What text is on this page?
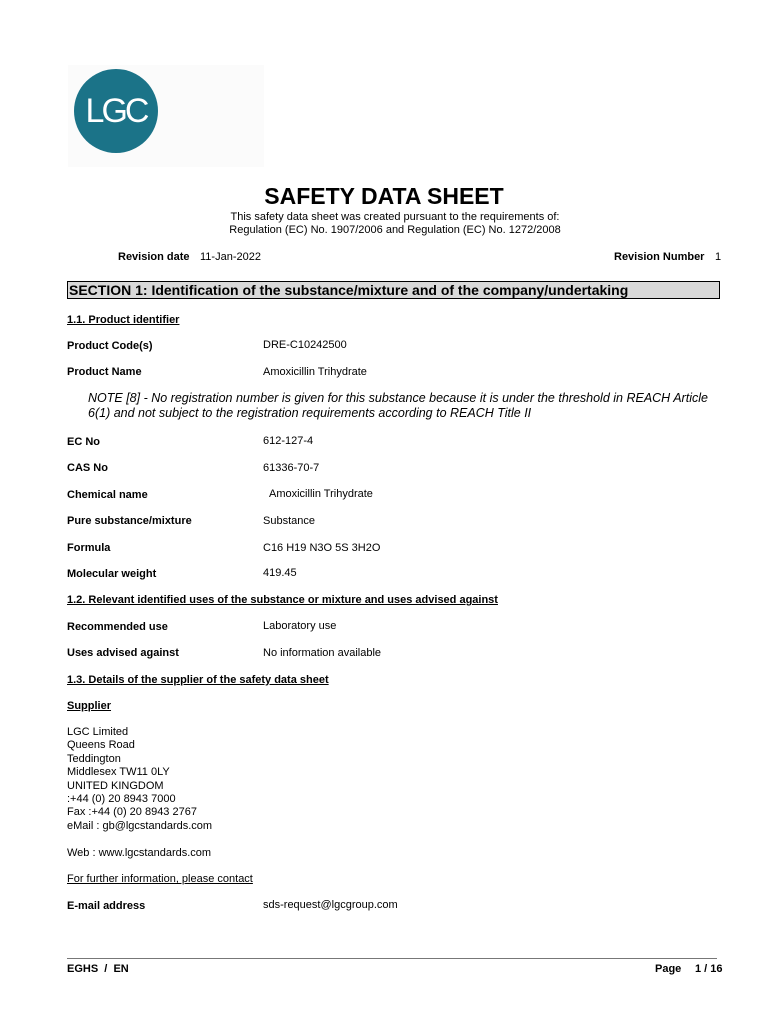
LGC
SAFETY DATA SHEET
This safety data sheet was created pursuant to the requirements of:
Regulation (EC) No. 1907/2006 and Regulation (EC) No. 1272/2008
Revision date 11-Jan-2022	Revision Number 1
SECTION 1: Identification of the substance/mixture and of the company/undertaking
1.1. Product identifier
Product Code(s)	DRE-C10242500
Product Name	Amoxicillin Trihydrate
NOTE [8] - No registration number is given for this substance because it is under the threshold in REACH Article
6(1) and not subject to the registration requirements according to REACH Title II
EC No	612-127-4
CAS No	61336-70-7
Chemical name	Amoxicillin Trihydrate
Pure substance/mixture	Substance
Formula	C16 H19 N3O 5S 3H2O
Molecular weight	419.45
1.2. Relevant identified uses of the substance or mixture and uses advised against
Recommended use	Laboratory use
Uses advised against	No information available
1.3. Details of the supplier of the safety data sheet
Supplier
LGC Limited
Queens Road
Teddington
Middlesex TW11 0LY
UNITED KINGDOM
:+44 (0) 20 8943 7000
Fax :+44 (0) 20 8943 2767
eMail : gb@lgcstandards.com
Web : www.lgcstandards.com
For further information, please contact
E-mail address	sds-request@lgcgroup.com
EGHS  /  EN	Page 1 / 16
